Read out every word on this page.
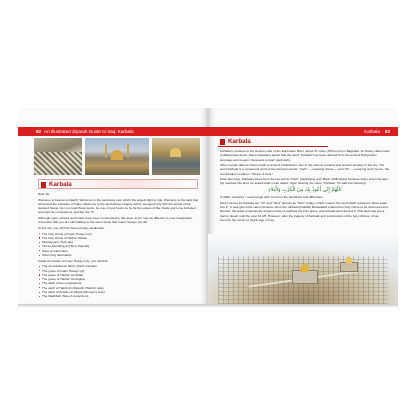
62 An Illustrated Ziyarah Guide to Iraq: Karbala
Karbala

Dear Sir,

Welcome to heaven on Earth. Welcome to the sanctuary over which the angels fight to ride. Welcome to the land that witnessed the salvation of Islam. Welcome to the land whose tragedy will be avenged only with the arrival of the Awaited Savior. As you tread these lands, be one of your hosts do by far the values of the rituals and to be included amongst his companions, just like the 72.

Although many shrines and hotels have been constructed in this area, and it may be different to your imagination, remember that you are still walking to the same lands that Imam Husayn (A) did.

In this city, you will find these primary landmarks:

The holy shrine of Imam Husayn (A)
The holy shrine of Hadrat 'Abbas
Mukhayyam (Tent site)
Tilll as-Zaynabiyya (Hill of Zaynab)
Sites of martyrdom
Other holy landmarks

Inside the haram of Imam Husayn (A), you will find:

The six-sidedness darih, which contains:
The grave of Imam Husayn (A)
The grave of Hadrat 'Ali Akbar
The grave of Hadrat 'Ali Asghar
The darih of the companions
The darih of Habib ibn Mazahir (Warrior side)
The darih of Ibrahim al-Mujab (Women's side)
The Madhbah (Site of martyrdom)
Karbala 63
Karbala

Karbala is located on the western side of the Euphrates River, about 97 miles (156 km) from Baghdad. Its history dates back to Babylonian times. Some historians assert that the word "Karbala" has been derived from the ancient Babylonian language and means 'closeness to God' (qurb-ilah).

Other people date its history back to ancient civilizations, due to the various remains and ancient temples in the city. The word Karbala is a compound word of two Assyrian words: "karb" — meaning shrine — and "ilh" — meaning God; hence, the combination results in "Shrine of God."

More famously, Karbala comes from the two words "Karb" (hardships) and "Bala" (difficulties) because when Imam Husayn (A) reached this land, he asked what it was called. Upon hearing the name "Karbala," he said the following:

اللّهُمَّ إِنِّي أَعُوذُ بِكَ مِنَ الْكَرْبِ وَالْبَلاءِ

O Allah! Certainly, I seek refuge with You from the hardships and difficulties.

Other names for Karbala are "Tif" and "Nina" (known as "Ha'ir" today), which means "the land which refused to allow water into it." It was given this name because when the 'Abbasid khalifah Mutawakkil ordered the holy shrine to be destroyed and flooded, the water miraculously stopped when it reached the holy grave, and instead went around it. This land was just a barren desert until the year 61 AH. However, after the tragedy of Karbala' and construction of the holy shrines, it has become the center of pilgrimage in Iraq.
